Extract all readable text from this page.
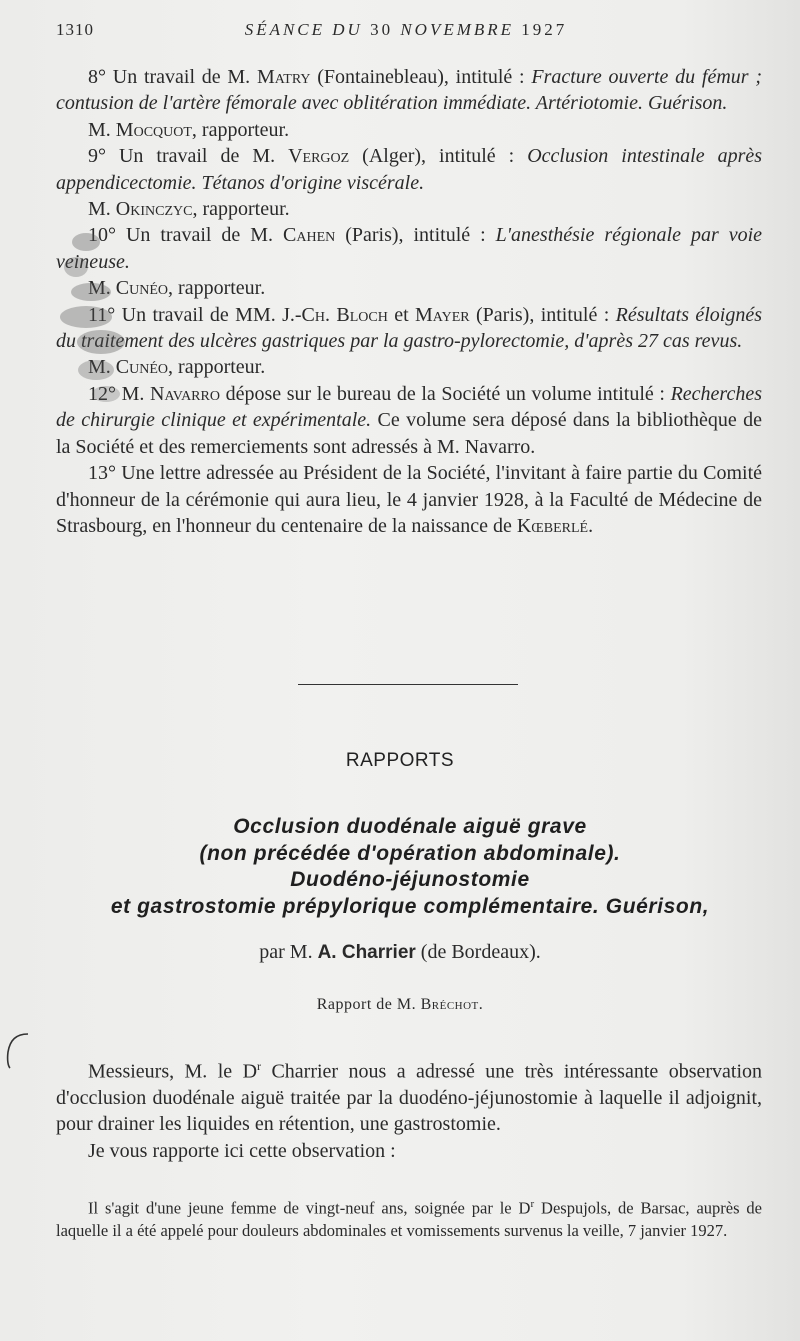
1310	SÉANCE DU 30 NOVEMBRE 1927

8° Un travail de M. Matry (Fontainebleau), intitulé : Fracture ouverte du fémur ; contusion de l'artère fémorale avec oblitération immédiate. Artériotomie. Guérison.

M. Mocquot, rapporteur.

9° Un travail de M. Vergoz (Alger), intitulé : Occlusion intestinale après appendicectomie. Tétanos d'origine viscérale.

M. Okinczyc, rapporteur.

10° Un travail de M. Cahen (Paris), intitulé : L'anesthésie régionale par voie veineuse.

M. Cunéo, rapporteur.

11° Un travail de MM. J.-Ch. Bloch et Mayer (Paris), intitulé : Résultats éloignés du traitement des ulcères gastriques par la gastro-pylorectomie, d'après 27 cas revus.

M. Cunéo, rapporteur.

12° M. Navarro dépose sur le bureau de la Société un volume intitulé : Recherches de chirurgie clinique et expérimentale. Ce volume sera déposé dans la bibliothèque de la Société et des remerciements sont adressés à M. Navarro.

13° Une lettre adressée au Président de la Société, l'invitant à faire partie du Comité d'honneur de la cérémonie qui aura lieu, le 4 janvier 1928, à la Faculté de Médecine de Strasbourg, en l'honneur du centenaire de la naissance de Kœberlé.

RAPPORTS
Occlusion duodénale aiguë grave
(non précédée d'opération abdominale).
Duodéno-jéjunostomie
et gastrostomie prépylorique complémentaire. Guérison,
par M. A. Charrier (de Bordeaux).
Rapport de M. Bréchot.

Messieurs, M. le $D^r$ Charrier nous a adressé une très intéressante observation d'occlusion duodénale aiguë traitée par la duodéno-jéjunostomie à laquelle il adjoignit, pour drainer les liquides en rétention, une gastrostomie.

Je vous rapporte ici cette observation :

Il s'agit d'une jeune femme de vingt-neuf ans, soignée par le $D^r$ Despujols, de Barsac, auprès de laquelle il a été appelé pour douleurs abdominales et vomissements survenus la veille, 7 janvier 1927.
